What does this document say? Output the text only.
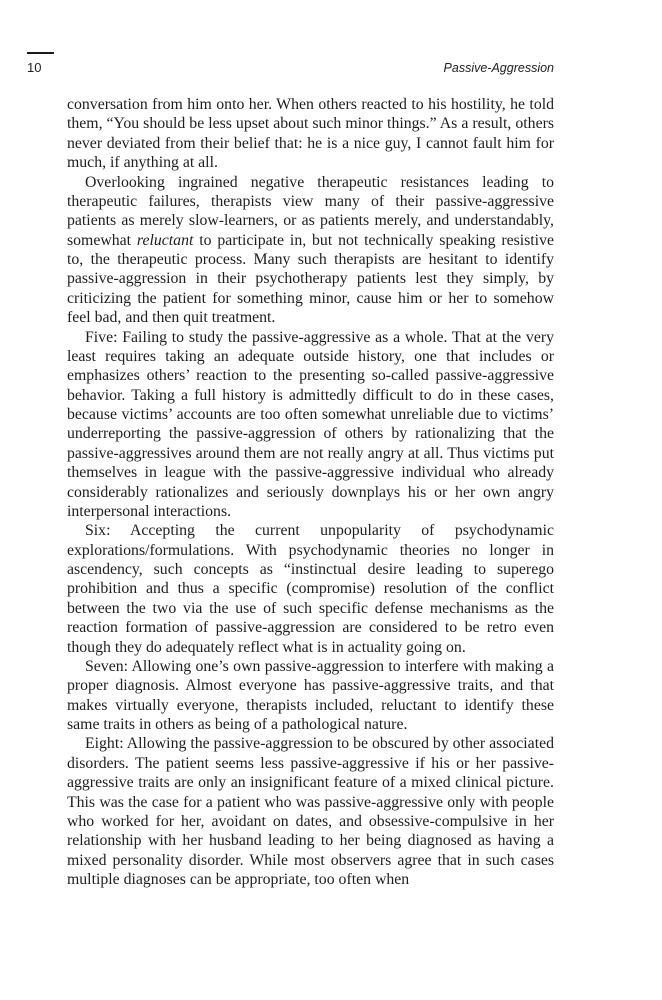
10	Passive-Aggression

conversation from him onto her. When others reacted to his hostility, he told them, “You should be less upset about such minor things.” As a result, others never deviated from their belief that: he is a nice guy, I cannot fault him for much, if anything at all.

Overlooking ingrained negative therapeutic resistances leading to therapeutic failures, therapists view many of their passive-aggressive patients as merely slow-learners, or as patients merely, and understandably, somewhat reluctant to participate in, but not technically speaking resistive to, the therapeutic process. Many such therapists are hesitant to identify passive-aggression in their psychotherapy patients lest they simply, by criticizing the patient for something minor, cause him or her to somehow feel bad, and then quit treatment.

Five: Failing to study the passive-aggressive as a whole. That at the very least requires taking an adequate outside history, one that includes or emphasizes others’ reaction to the presenting so-called passive-aggressive behavior. Taking a full history is admittedly difficult to do in these cases, because victims’ accounts are too often somewhat unreliable due to victims’ underreporting the passive-aggression of others by rationalizing that the passive-aggressives around them are not really angry at all. Thus victims put themselves in league with the passive-aggressive individual who already considerably rationalizes and seriously downplays his or her own angry interpersonal interactions.

Six: Accepting the current unpopularity of psychodynamic explorations/formulations. With psychodynamic theories no longer in ascendency, such concepts as “instinctual desire leading to superego prohibition and thus a specific (compromise) resolution of the conflict between the two via the use of such specific defense mechanisms as the reaction formation of passive-aggression are considered to be retro even though they do adequately reflect what is in actuality going on.

Seven: Allowing one’s own passive-aggression to interfere with making a proper diagnosis. Almost everyone has passive-aggressive traits, and that makes virtually everyone, therapists included, reluctant to identify these same traits in others as being of a pathological nature.

Eight: Allowing the passive-aggression to be obscured by other associated disorders. The patient seems less passive-aggressive if his or her passive-aggressive traits are only an insignificant feature of a mixed clinical picture. This was the case for a patient who was passive-aggressive only with people who worked for her, avoidant on dates, and obsessive-compulsive in her relationship with her husband leading to her being diagnosed as having a mixed personality disorder. While most observers agree that in such cases multiple diagnoses can be appropriate, too often when
